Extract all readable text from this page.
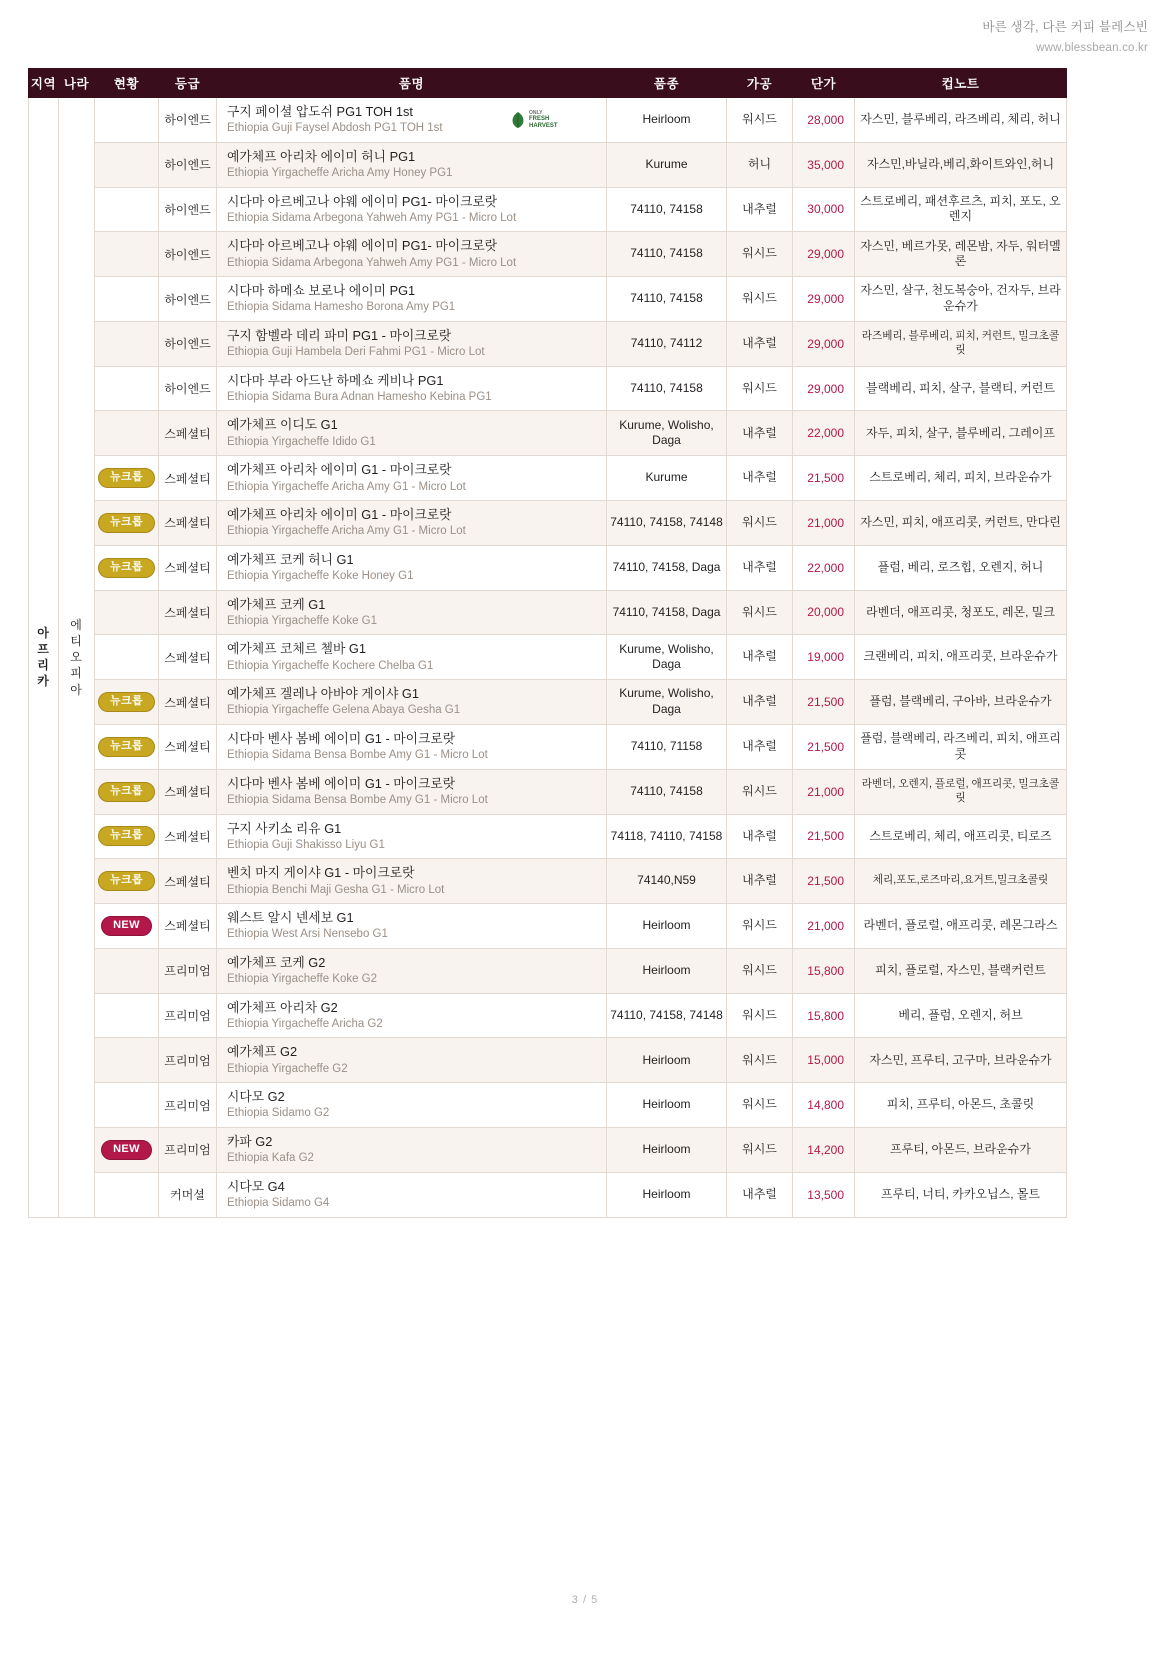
바른 생각, 다른 커피 블레스빈
www.blessbean.co.kr
지역	나라	현황	등급	품명	품종	가공	단가	컵노트
아
프
리
카	에
티
오
피
아		하이엔드	
구지 페이셜 압도쉬 PG1 TOH 1st
Ethiopia Guji Faysel Abdosh PG1 TOH 1st
ONLY
FRESH
HARVEST	Heirloom	워시드	28,000	자스민, 블루베리, 라즈베리, 체리, 허니
			하이엔드	예가체프 아리차 에이미 허니 PG1
Ethiopia Yirgacheffe Aricha Amy Honey PG1	Kurume	허니	35,000	자스민,바닐라,베리,화이트와인,허니
			하이엔드	시다마 아르베고나 야웨 에이미 PG1- 마이크로랏
Ethiopia Sidama Arbegona Yahweh Amy PG1 - Micro Lot	74110, 74158	내추럴	30,000	스트로베리, 패션후르츠, 피치, 포도, 오렌지
			하이엔드	시다마 아르베고나 야웨 에이미 PG1- 마이크로랏
Ethiopia Sidama Arbegona Yahweh Amy PG1 - Micro Lot	74110, 74158	워시드	29,000	자스민, 베르가못, 레몬밤, 자두, 워터멜론
			하이엔드	시다마 하메쇼 보로나 에이미 PG1
Ethiopia Sidama Hamesho Borona Amy PG1	74110, 74158	워시드	29,000	자스민, 살구, 천도복숭아, 건자두, 브라운슈가
			하이엔드	구지 함벨라 데리 파미 PG1 - 마이크로랏
Ethiopia Guji Hambela Deri Fahmi PG1 - Micro Lot	74110, 74112	내추럴	29,000	라즈베리, 블루베리, 피치, 커런트, 밀크초콜릿
			하이엔드	시다마 부라 아드난 하메쇼 케비나 PG1
Ethiopia Sidama Bura Adnan Hamesho Kebina PG1	74110, 74158	워시드	29,000	블랙베리, 피치, 살구, 블랙티, 커런트
			스페셜티	예가체프 이디도 G1
Ethiopia Yirgacheffe Idido G1	Kurume, Wolisho, Daga	내추럴	22,000	자두, 피치, 살구, 블루베리, 그레이프
		뉴크롭	스페셜티	예가체프 아리차 에이미 G1 - 마이크로랏
Ethiopia Yirgacheffe Aricha Amy G1 - Micro Lot	Kurume	내추럴	21,500	스트로베리, 체리, 피치, 브라운슈가
		뉴크롭	스페셜티	예가체프 아리차 에이미 G1 - 마이크로랏
Ethiopia Yirgacheffe Aricha Amy G1 - Micro Lot	74110, 74158, 74148	워시드	21,000	자스민, 피치, 애프리콧, 커런트, 만다린
		뉴크롭	스페셜티	예가체프 코케 허니 G1
Ethiopia Yirgacheffe Koke Honey G1	74110, 74158, Daga	내추럴	22,000	플럼, 베리, 로즈힙, 오렌지, 허니
			스페셜티	예가체프 코케 G1
Ethiopia Yirgacheffe Koke G1	74110, 74158, Daga	워시드	20,000	라벤더, 애프리콧, 청포도, 레몬, 밀크
			스페셜티	예가체프 코체르 첼바 G1
Ethiopia Yirgacheffe Kochere Chelba G1	Kurume, Wolisho, Daga	내추럴	19,000	크랜베리, 피치, 애프리콧, 브라운슈가
		뉴크롭	스페셜티	예가체프 겔레나 아바야 게이샤 G1
Ethiopia Yirgacheffe Gelena Abaya Gesha G1	Kurume, Wolisho, Daga	내추럴	21,500	플럼, 블랙베리, 구아바, 브라운슈가
		뉴크롭	스페셜티	시다마 벤사 봄베 에이미 G1 - 마이크로랏
Ethiopia Sidama Bensa Bombe Amy G1 - Micro Lot	74110, 71158	내추럴	21,500	플럼, 블랙베리, 라즈베리, 피치, 애프리콧
		뉴크롭	스페셜티	시다마 벤사 봄베 에이미 G1 - 마이크로랏
Ethiopia Sidama Bensa Bombe Amy G1 - Micro Lot	74110, 74158	워시드	21,000	라벤더, 오렌지, 플로럴, 애프리콧, 밀크초콜릿
		뉴크롭	스페셜티	구지 사키소 리유 G1
Ethiopia Guji Shakisso Liyu G1	74118, 74110, 74158	내추럴	21,500	스트로베리, 체리, 애프리콧, 티로즈
		뉴크롭	스페셜티	벤치 마지 게이샤 G1 - 마이크로랏
Ethiopia Benchi Maji Gesha G1 - Micro Lot	74140,N59	내추럴	21,500	체리,포도,로즈마리,요거트,밀크초콜릿
		NEW	스페셜티	웨스트 알시 넨세보 G1
Ethiopia West Arsi Nensebo G1	Heirloom	워시드	21,000	라벤더, 플로럴, 애프리콧, 레몬그라스
			프리미엄	예가체프 코케 G2
Ethiopia Yirgacheffe Koke G2	Heirloom	워시드	15,800	피치, 플로럴, 자스민, 블랙커런트
			프리미엄	예가체프 아리차 G2
Ethiopia Yirgacheffe Aricha G2	74110, 74158, 74148	워시드	15,800	베리, 플럼, 오렌지, 허브
			프리미엄	예가체프 G2
Ethiopia Yirgacheffe G2	Heirloom	워시드	15,000	자스민, 프루티, 고구마, 브라운슈가
			프리미엄	시다모 G2
Ethiopia Sidamo G2	Heirloom	워시드	14,800	피치, 프루티, 아몬드, 초콜릿
		NEW	프리미엄	카파 G2
Ethiopia Kafa G2	Heirloom	워시드	14,200	프루티, 아몬드, 브라운슈가
			커머셜	시다모 G4
Ethiopia Sidamo G4	Heirloom	내추럴	13,500	프루티, 너티, 카카오닙스, 몰트
3 / 5
